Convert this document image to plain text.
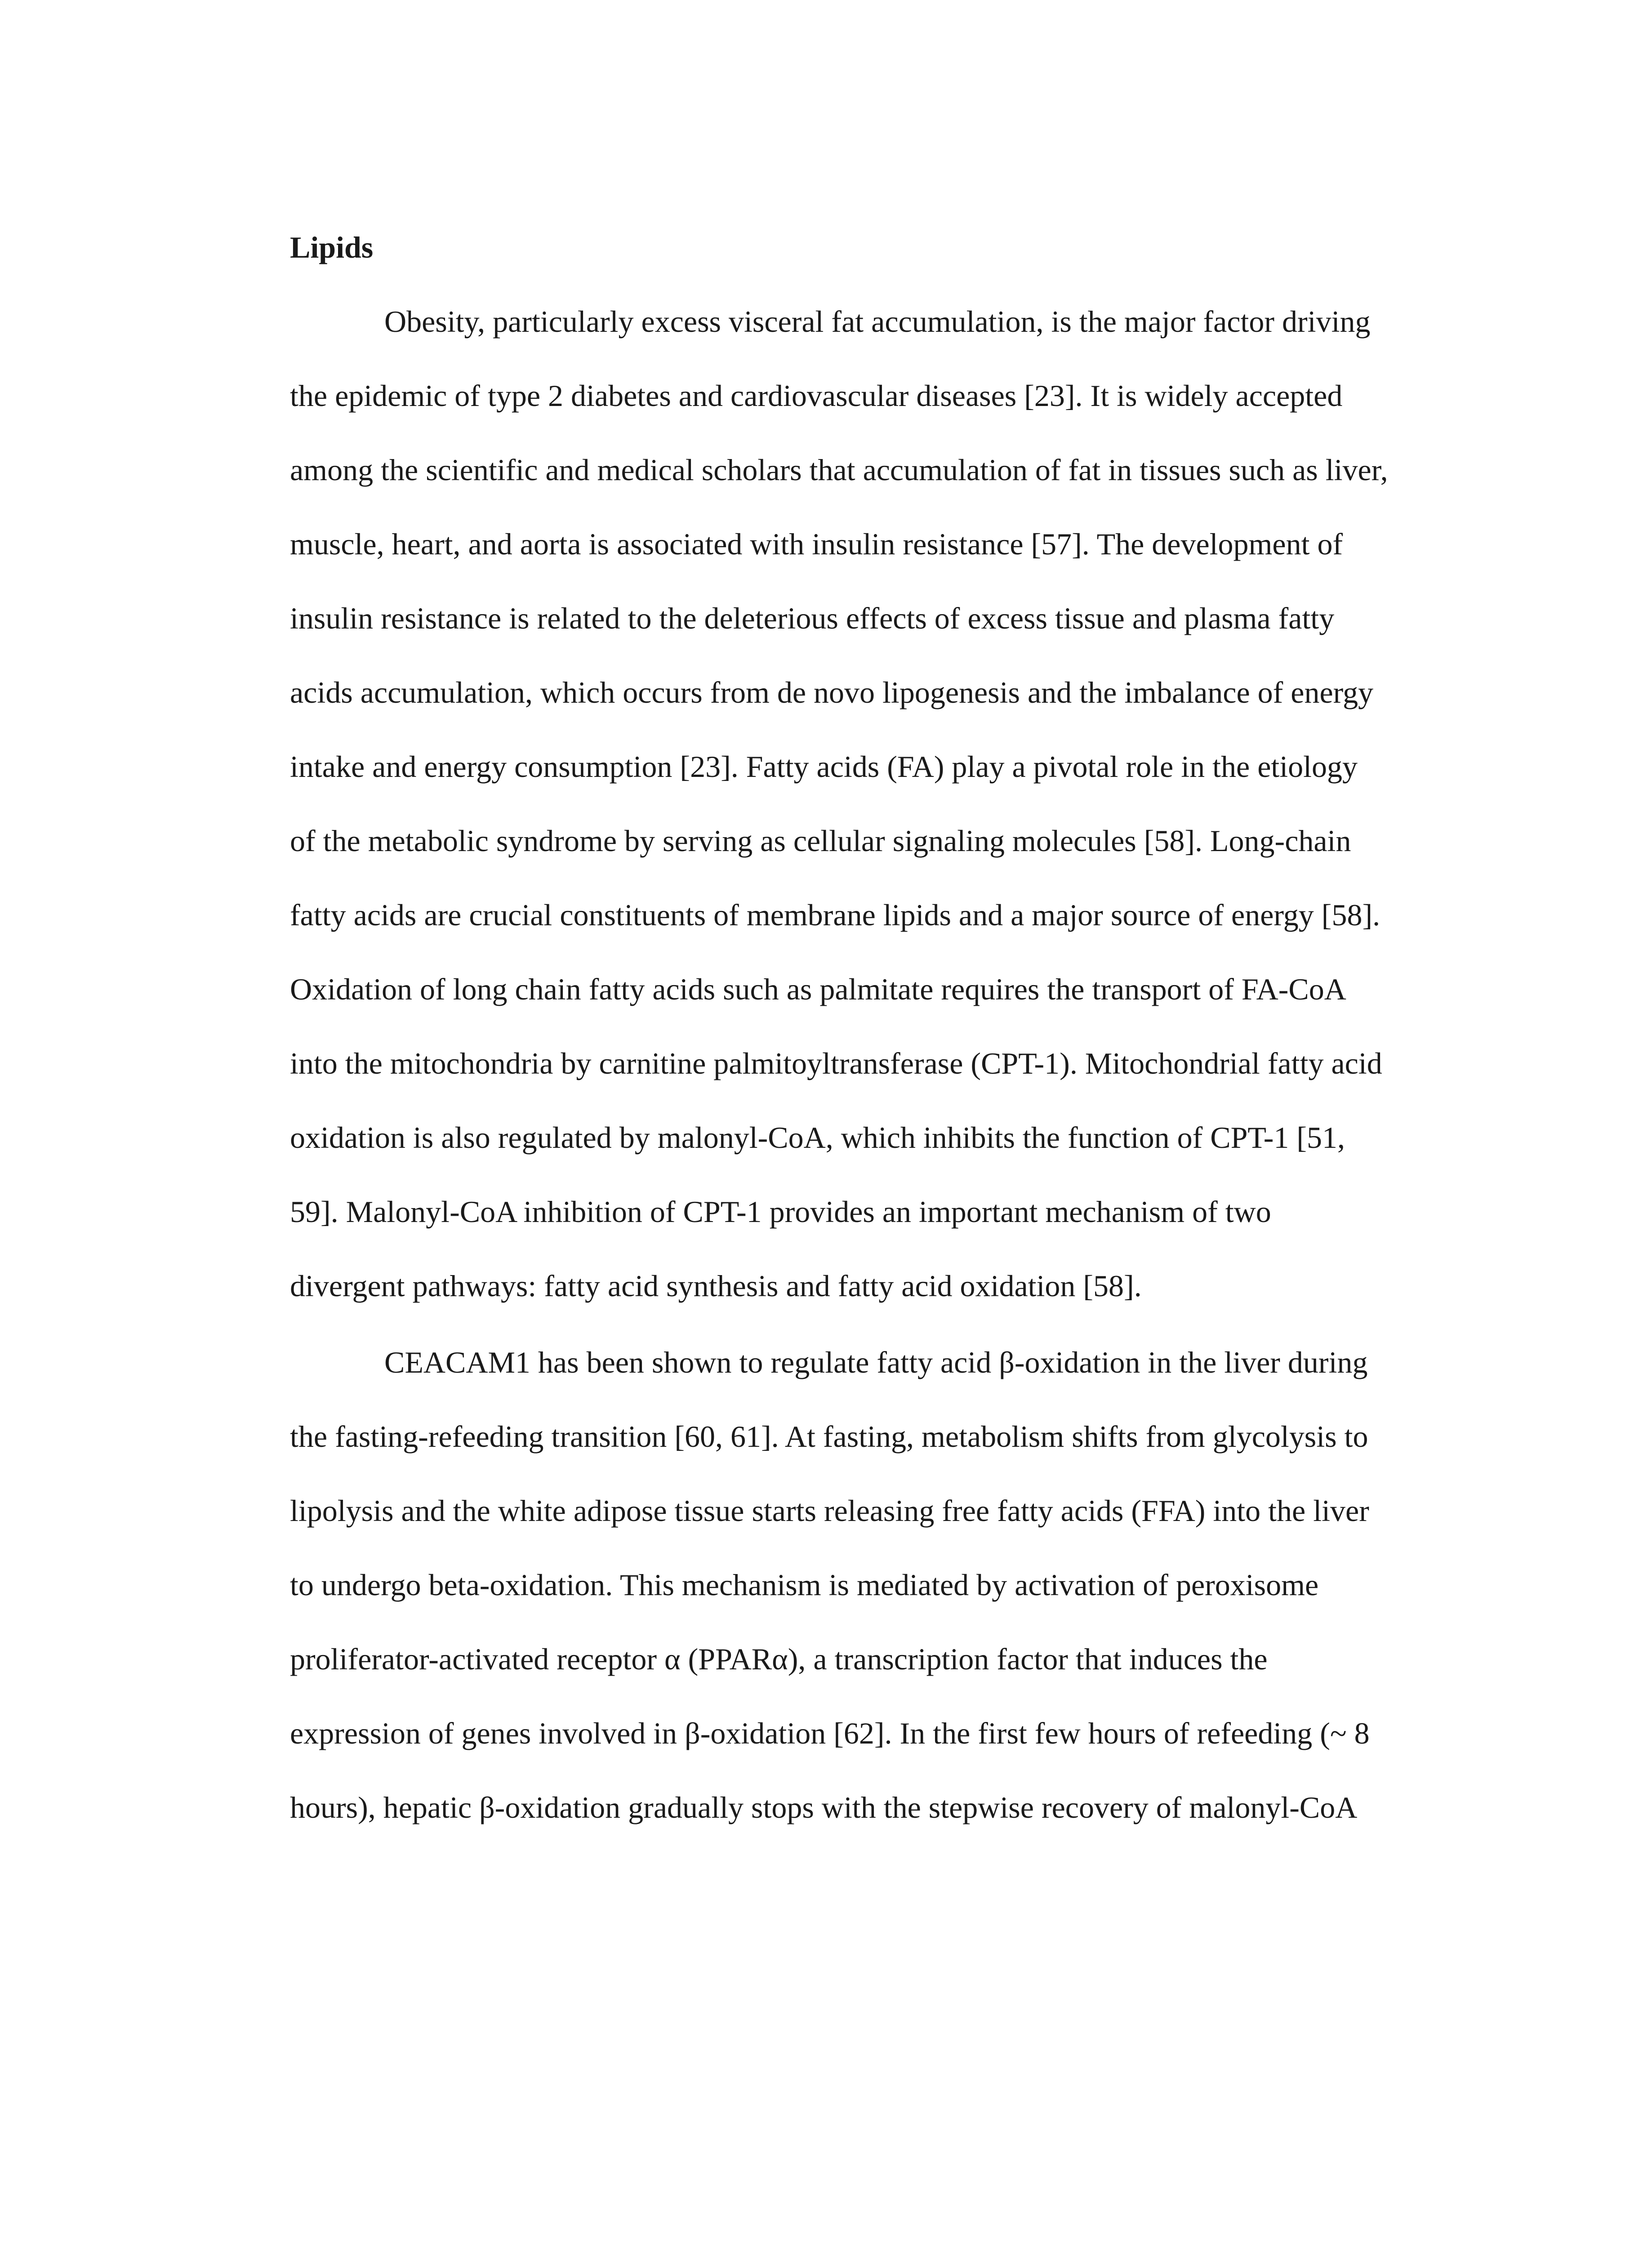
Lipids

Obesity, particularly excess visceral fat accumulation, is the major factor driving

the epidemic of type 2 diabetes and cardiovascular diseases [23]. It is widely accepted

among the scientific and medical scholars that accumulation of fat in tissues such as liver,

muscle, heart, and aorta is associated with insulin resistance [57]. The development of

insulin resistance is related to the deleterious effects of excess tissue and plasma fatty

acids accumulation, which occurs from de novo lipogenesis and the imbalance of energy

intake and energy consumption [23]. Fatty acids (FA) play a pivotal role in the etiology

of the metabolic syndrome by serving as cellular signaling molecules [58]. Long-chain

fatty acids are crucial constituents of membrane lipids and a major source of energy [58].

Oxidation of long chain fatty acids such as palmitate requires the transport of FA-CoA

into the mitochondria by carnitine palmitoyltransferase (CPT-1). Mitochondrial fatty acid

oxidation is also regulated by malonyl-CoA, which inhibits the function of CPT-1 [51,

59]. Malonyl-CoA inhibition of CPT-1 provides an important mechanism of two

divergent pathways: fatty acid synthesis and fatty acid oxidation [58].

CEACAM1 has been shown to regulate fatty acid β-oxidation in the liver during

the fasting-refeeding transition [60, 61]. At fasting, metabolism shifts from glycolysis to

lipolysis and the white adipose tissue starts releasing free fatty acids (FFA) into the liver

to undergo beta-oxidation. This mechanism is mediated by activation of peroxisome

proliferator-activated receptor α (PPARα), a transcription factor that induces the

expression of genes involved in β-oxidation [62]. In the first few hours of refeeding (~ 8

hours), hepatic β-oxidation gradually stops with the stepwise recovery of malonyl-CoA
